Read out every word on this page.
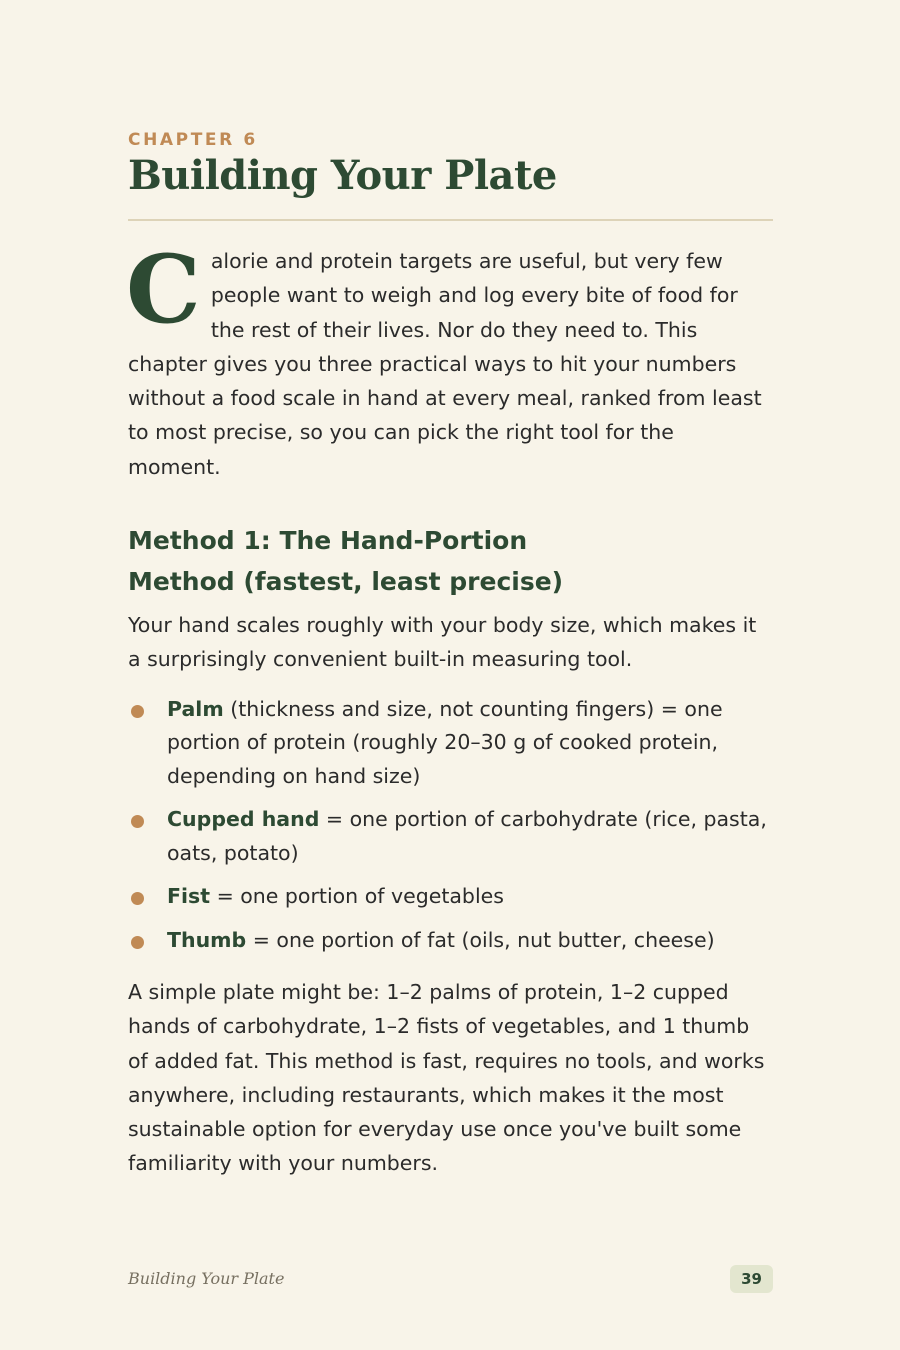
CHAPTER 6
Building Your Plate

Calorie and protein targets are useful, but very few people want to weigh and log every bite of food for the rest of their lives. Nor do they need to. This chapter gives you three practical ways to hit your numbers without a food scale in hand at every meal, ranked from least to most precise, so you can pick the right tool for the moment.

Method 1: The Hand-Portion
Method (fastest, least precise)

Your hand scales roughly with your body size, which makes it a surprisingly convenient built-in measuring tool.

Palm (thickness and size, not counting fingers) = one portion of protein (roughly 20–30 g of cooked protein, depending on hand size)
Cupped hand = one portion of carbohydrate (rice, pasta, oats, potato)
Fist = one portion of vegetables
Thumb = one portion of fat (oils, nut butter, cheese)

A simple plate might be: 1–2 palms of protein, 1–2 cupped hands of carbohydrate, 1–2 fists of vegetables, and 1 thumb of added fat. This method is fast, requires no tools, and works anywhere, including restaurants, which makes it the most sustainable option for everyday use once you've built some familiarity with your numbers.

Building Your Plate	39
